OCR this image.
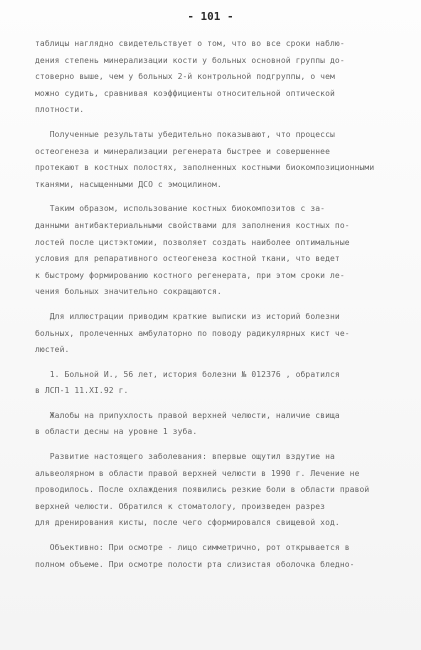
- 101 -

таблицы наглядно свидетельствует о том, что во все сроки наблю-

дения степень минерализации кости у больных основной группы до-

стоверно выше, чем у больных 2-й контрольной подгруппы, о чем

можно судить, сравнивая коэффициенты относительной оптической

плотности.

Полученные результаты убедительно показывают, что процессы

остеогенеза и минерализации регенерата быстрее и совершеннее

протекают в костных полостях, заполненных костными биокомпозиционными

тканями, насыщенными ДСО с эмоцилином.

Таким образом, использование костных биокомпозитов с за-

данными антибактериальными свойствами для заполнения костных по-

лостей после цистэктомии, позволяет создать наиболее оптимальные

условия для репаративного остеогенеза костной ткани, что ведет

к быстрому формированию костного регенерата, при этом сроки ле-

чения больных значительно сокращаются.

Для иллюстрации приводим краткие выписки из историй болезни

больных, пролеченных амбулаторно по поводу радикулярных кист че-

люстей.

1. Больной И., 56 лет, история болезни № 012376 , обратился

в ЛСП-1 11.XI.92 г.

Жалобы на припухлость правой верхней челюсти, наличие свища

в области десны на уровне 1 зуба.

Развитие настоящего заболевания: впервые ощутил вздутие на

альвеолярном в области правой верхней челюсти в 1990 г. Лечение не

проводилось. После охлаждения появились резкие боли в области правой

верхней челюсти. Обратился к стоматологу, произведен разрез

для дренирования кисты, после чего сформировался свищевой ход.

Объективно: При осмотре - лицо симметрично, рот открывается в

полном объеме. При осмотре полости рта слизистая оболочка бледно-
